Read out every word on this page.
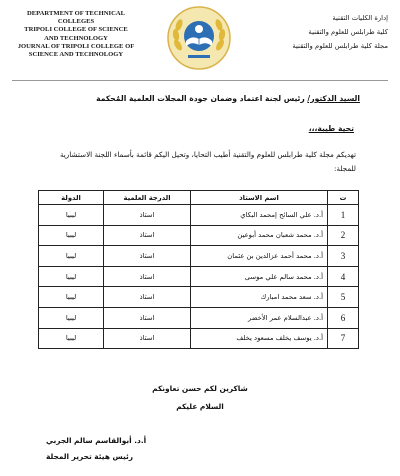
DEPARTMENT OF TECHNICAL
COLLEGES
TRIPOLI COLLEGE OF SCIENCE
AND TECHNOLOGY
JOURNAL OF TRIPOLI COLLEGE OF
SCIENCE AND TECHNOLOGY
إدارة الكليات التقنية
كلية طرابلس للعلوم والتقنية
مجلة كلية طرابلس للعلوم والتقنية
السيد الدكتور/ رئيس لجنة اعتماد وضمان جودة المجلات العلمية المُحكمة
تحية طيبة،،،
تهديكم مجلة كلية طرابلس للعلوم والتقنية أطيب التحايا، وتحيل اليكم قائمة بأسماء اللجنة الاستشارية للمجلة:
ت	اسم الاستاذ	الدرجة العلمية	الدولة
1	أ.د. علي السائح إمحمد البكاي	استاذ	ليبيا
2	أ.د. محمد شعبان محمد أبوعين	استاذ	ليبيا
3	أ.د. محمد أحمد عزالدين بن عثمان	استاذ	ليبيا
4	أ.د. محمد سالم علي موسى	استاذ	ليبيا
5	أ.د. سعد محمد امبارك	استاذ	ليبيا
6	أ.د. عبدالسلام عمر الأخضر	استاذ	ليبيا
7	أ.د. يوسف يخلف مسعود يخلف	استاذ	ليبيا
شاكرين لكم حسن تعاونكم
السلام عليكم
أ.د. أبوالقاسم سالم الجربي
رئيس هيئة تحرير المجلة
